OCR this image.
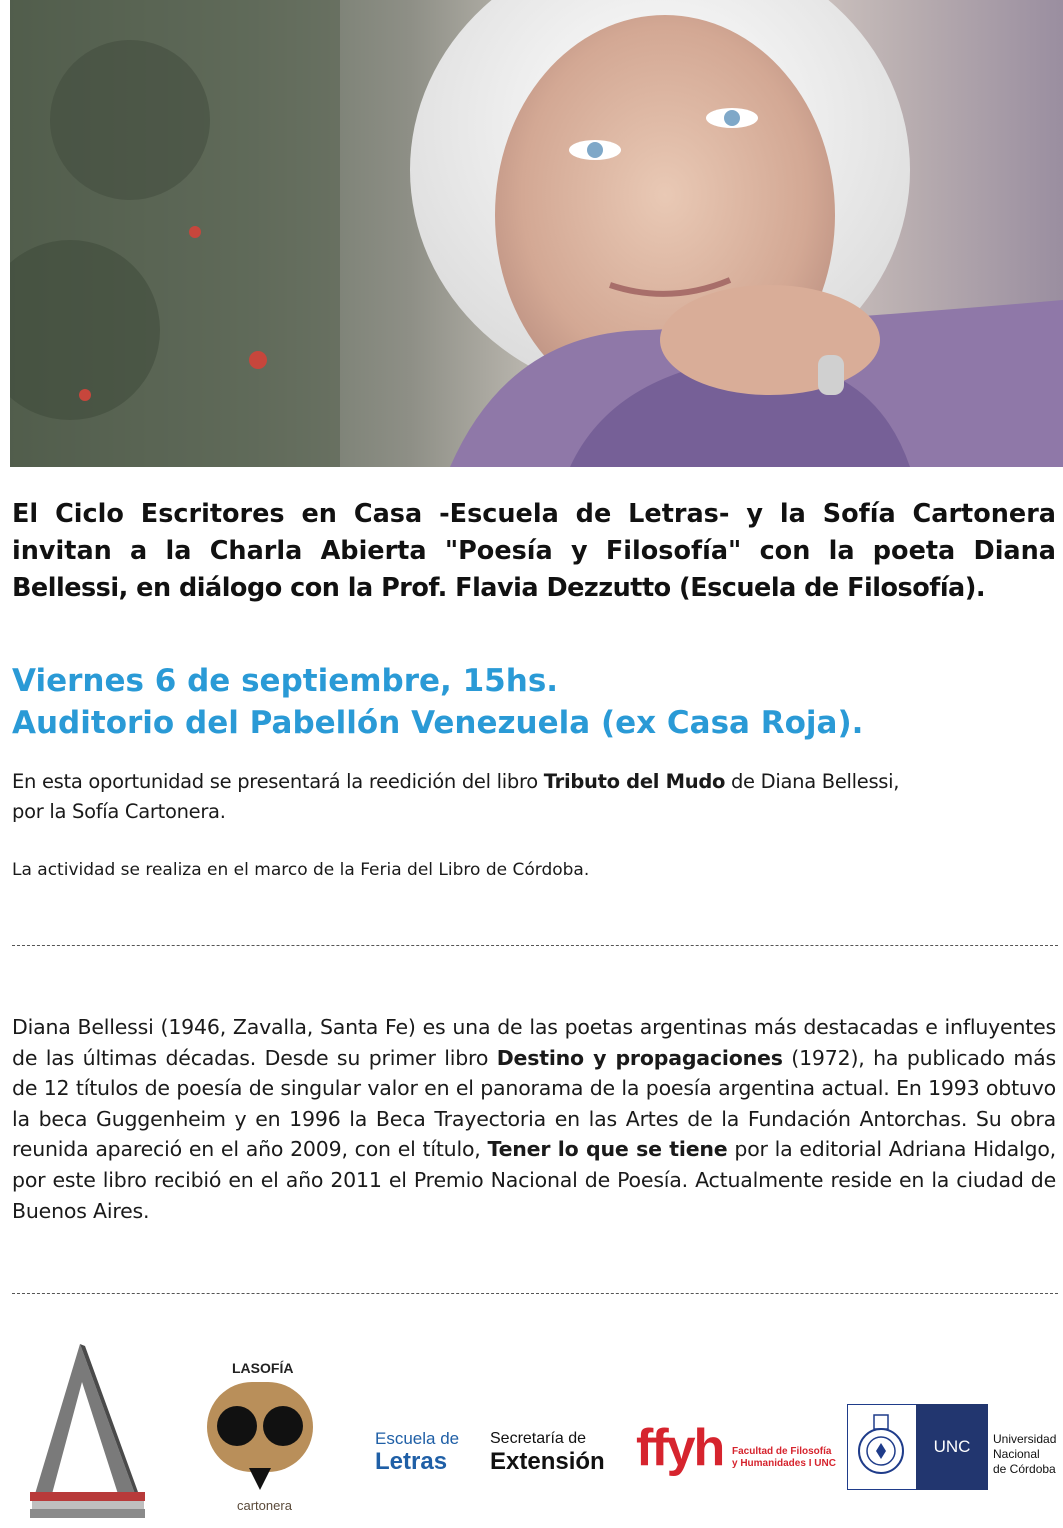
El Ciclo Escritores en Casa -Escuela de Letras- y la Sofía Cartonera
invitan a la Charla Abierta "Poesía y Filosofía" con la poeta Diana
Bellessi, en diálogo con la Prof. Flavia Dezzutto (Escuela de Filosofía).
Viernes 6 de septiembre, 15hs.
Auditorio del Pabellón Venezuela (ex Casa Roja).
En esta oportunidad se presentará la reedición del libro Tributo del Mudo de Diana Bellessi,
por la Sofía Cartonera.
La actividad se realiza en el marco de la Feria del Libro de Córdoba.
Diana Bellessi (1946, Zavalla, Santa Fe) es una de las poetas argentinas más destacadas e influyentes de las últimas décadas. Desde su primer libro Destino y propagaciones (1972), ha publicado más de 12 títulos de poesía de singular valor en el panorama de la poesía argentina actual. En 1993 obtuvo la beca Guggenheim y en 1996 la Beca Trayectoria en las Artes de la Fundación Antorchas. Su obra reunida apareció en el año 2009, con el título, Tener lo que se tiene por la editorial Adriana Hidalgo, por este libro recibió en el año 2011 el Premio Nacional de Poesía. Actualmente reside en la ciudad de Buenos Aires.
LASOFÍA
cartonera
Escuela de
Letras
Secretaría de
Extensión ffyh Facultad de Filosofía
y Humanidades I UNC
UNC	Universidad
Nacional
de Córdoba
